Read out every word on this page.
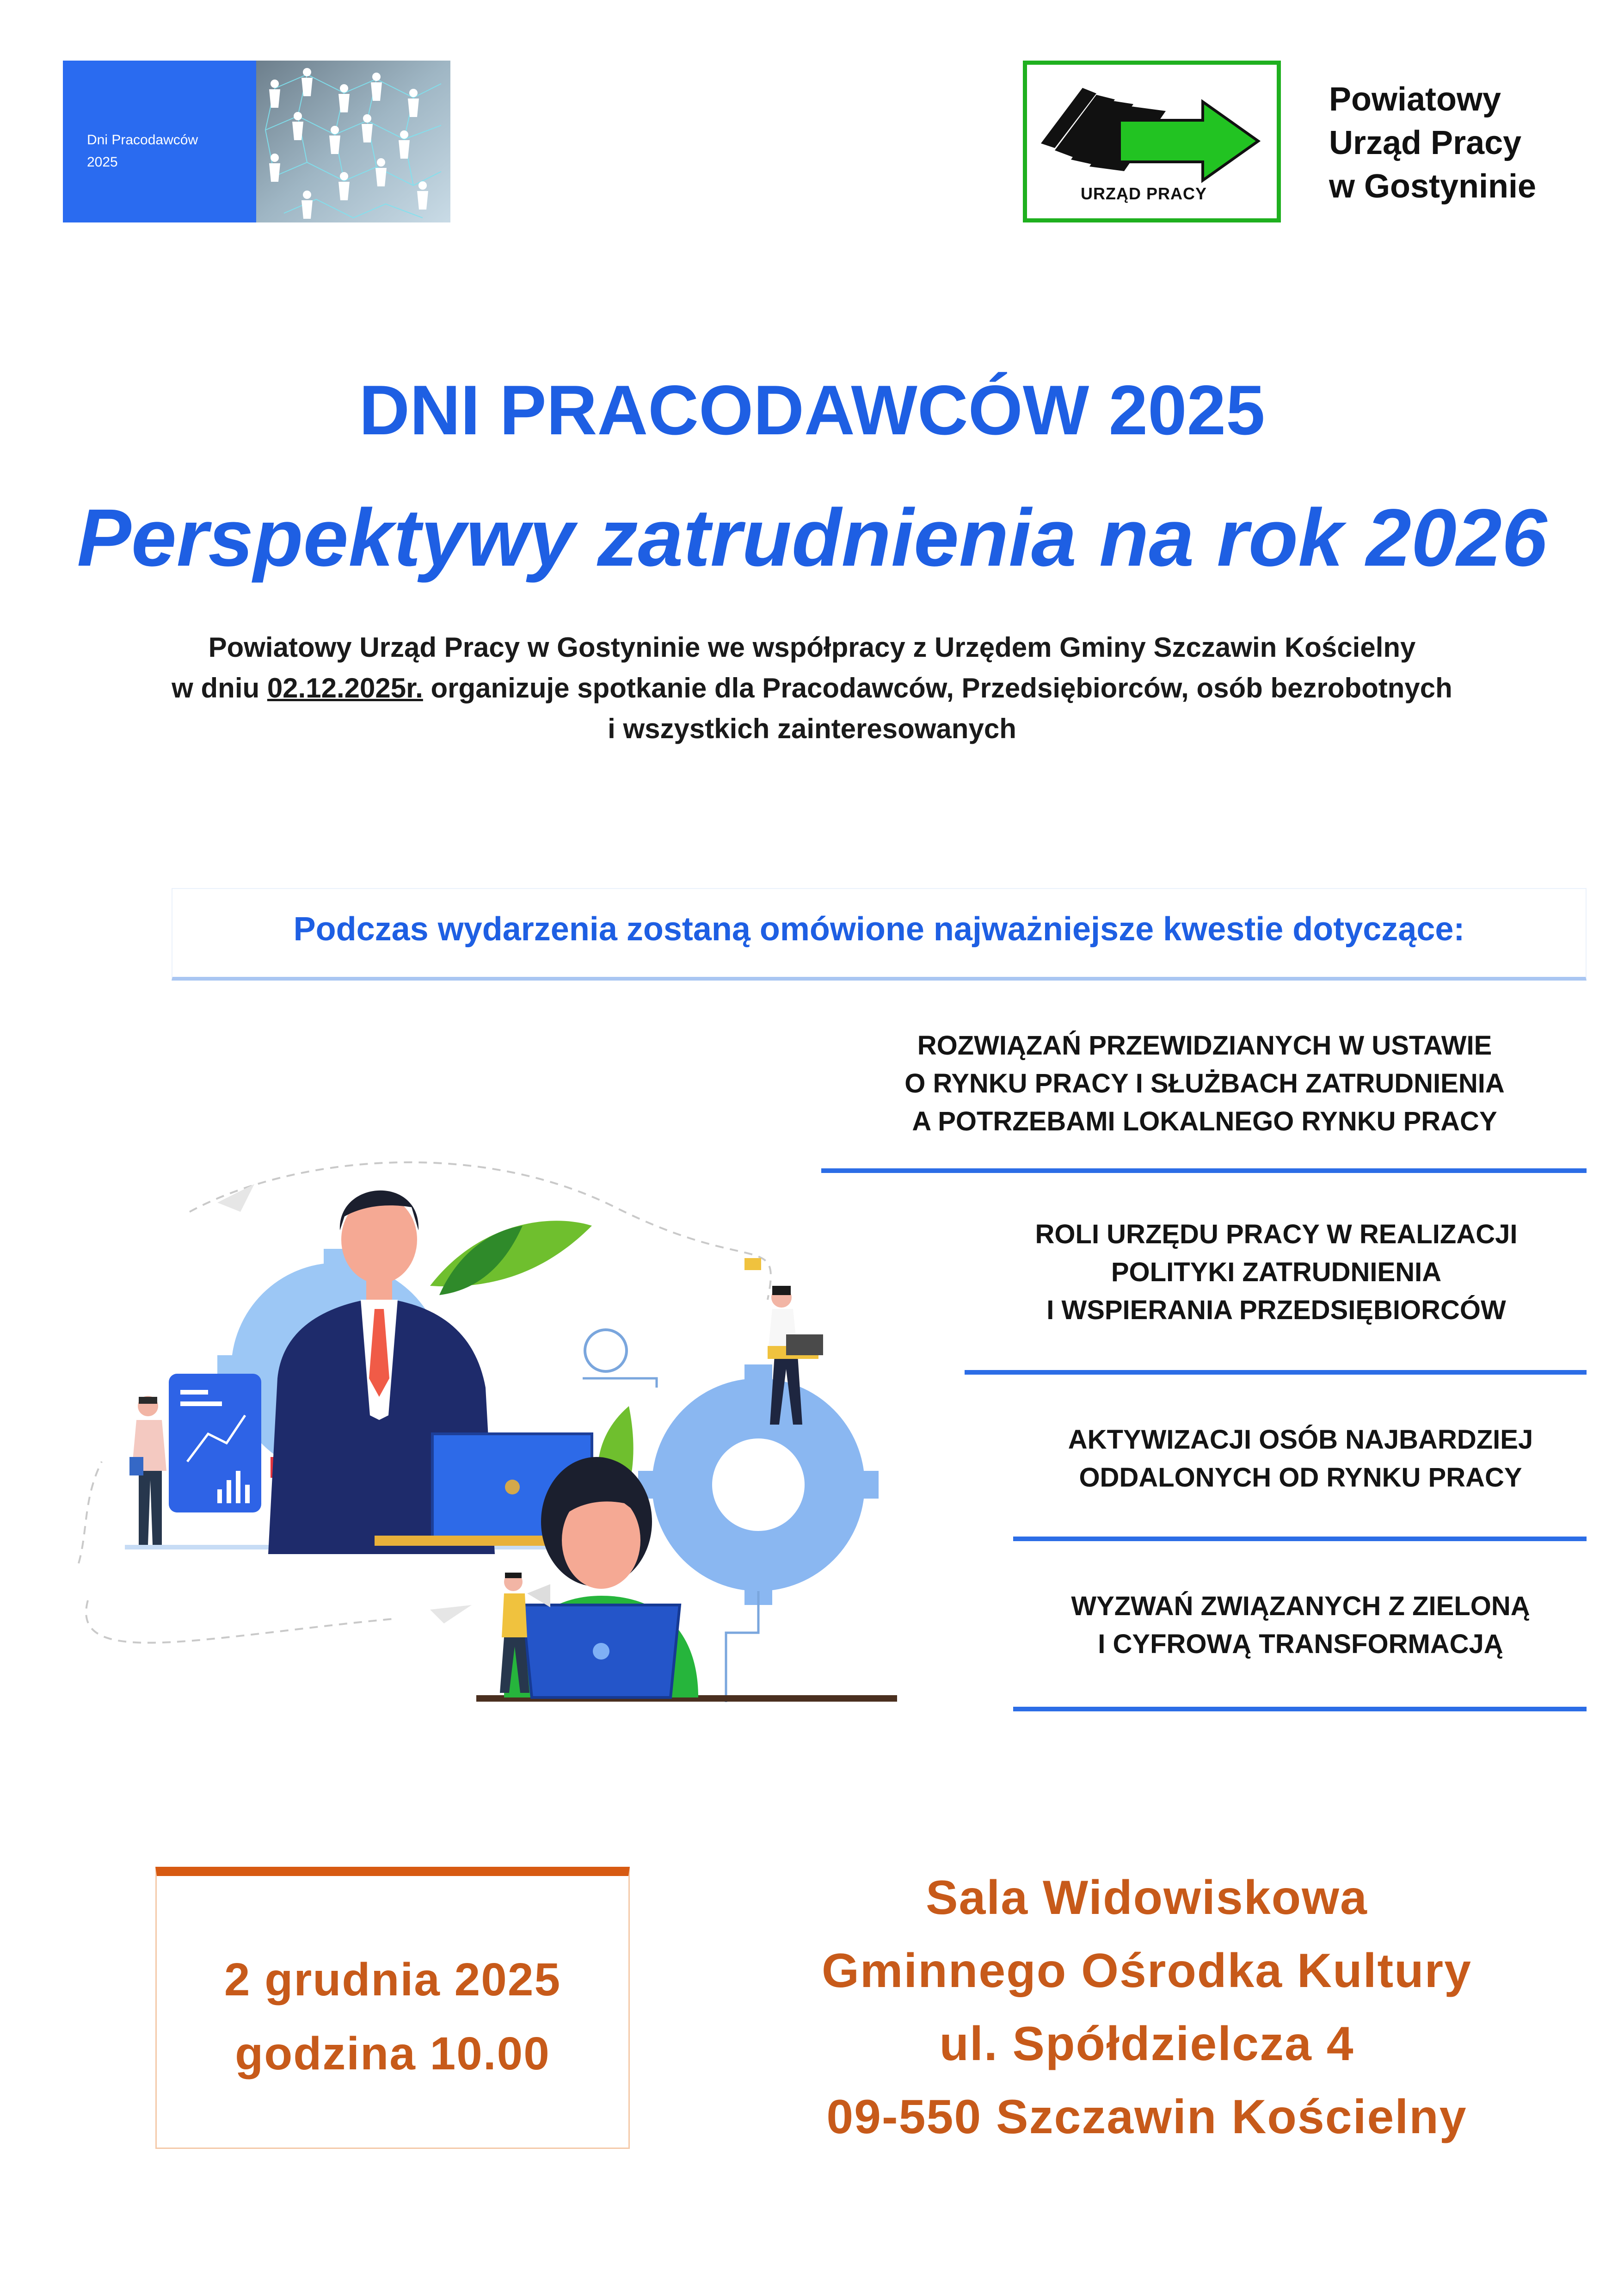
Dni Pracodawców
2025
URZĄD PRACY
Powiatowy
Urząd Pracy
w Gostyninie
DNI PRACODAWCÓW 2025
Perspektywy zatrudnienia na rok 2026
Powiatowy Urząd Pracy w Gostyninie we współpracy z Urzędem Gminy Szczawin Kościelny
w dniu 02.12.2025r. organizuje spotkanie dla Pracodawców, Przedsiębiorców, osób bezrobotnych
i wszystkich zainteresowanych
Podczas wydarzenia zostaną omówione najważniejsze kwestie dotyczące:
ROZWIĄZAŃ PRZEWIDZIANYCH W USTAWIE
O RYNKU PRACY I SŁUŻBACH ZATRUDNIENIA
A POTRZEBAMI LOKALNEGO RYNKU PRACY
ROLI URZĘDU PRACY W REALIZACJI
POLITYKI ZATRUDNIENIA
I WSPIERANIA PRZEDSIĘBIORCÓW
AKTYWIZACJI OSÓB NAJBARDZIEJ
ODDALONYCH OD RYNKU PRACY
WYZWAŃ ZWIĄZANYCH Z ZIELONĄ
I CYFROWĄ TRANSFORMACJĄ
2 grudnia 2025
godzina 10.00
Sala Widowiskowa
Gminnego Ośrodka Kultury
ul. Spółdzielcza 4
09-550 Szczawin Kościelny
